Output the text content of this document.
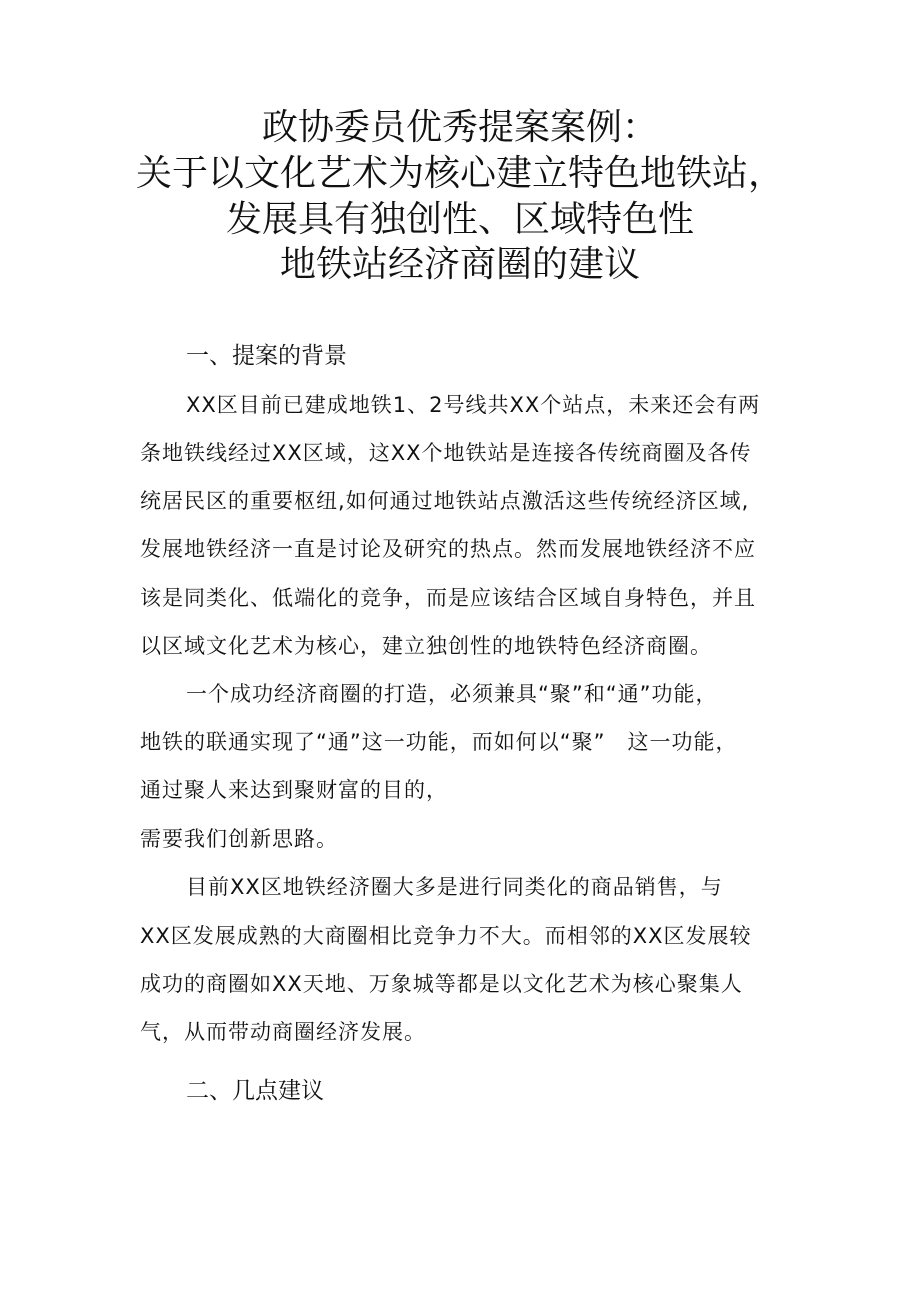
政协委员优秀提案案例：
关于以文化艺术为核心建立特色地铁站，
发展具有独创性、区域特色性
地铁站经济商圈的建议
一、提案的背景
XX区目前已建成地铁1、2号线共XX个站点，未来还会有两
条地铁线经过XX区域，这XX个地铁站是连接各传统商圈及各传
统居民区的重要枢纽,如何通过地铁站点激活这些传统经济区域,
发展地铁经济一直是讨论及研究的热点。然而发展地铁经济不应
该是同类化、低端化的竞争，而是应该结合区域自身特色，并且
以区域文化艺术为核心，建立独创性的地铁特色经济商圈。
一个成功经济商圈的打造，必须兼具“聚”和“通”功能，
地铁的联通实现了“通”这一功能，而如何以“聚”　这一功能，
通过聚人来达到聚财富的目的，
需要我们创新思路。
目前XX区地铁经济圈大多是进行同类化的商品销售，与
XX区发展成熟的大商圈相比竞争力不大。而相邻的XX区发展较
成功的商圈如XX天地、万象城等都是以文化艺术为核心聚集人
气，从而带动商圈经济发展。
二、几点建议
